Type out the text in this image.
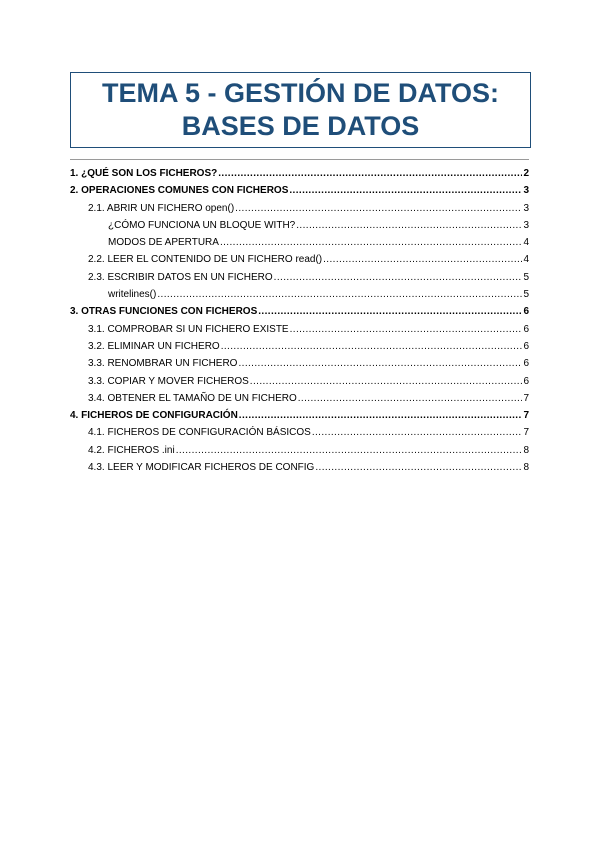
TEMA 5 - GESTIÓN DE DATOS:
BASES DE DATOS
1. ¿QUÉ SON LOS FICHEROS? .....	2
2. OPERACIONES COMUNES CON FICHEROS .....	3
2.1. ABRIR UN FICHERO open() .....	3
¿CÓMO FUNCIONA UN BLOQUE WITH? .....	3
MODOS DE APERTURA .....	4
2.2. LEER EL CONTENIDO DE UN FICHERO read() .....	4
2.3. ESCRIBIR DATOS EN UN FICHERO .....	5
writelines() .....	5
3. OTRAS FUNCIONES CON FICHEROS .....	6
3.1. COMPROBAR SI UN FICHERO EXISTE .....	6
3.2. ELIMINAR UN FICHERO .....	6
3.3. RENOMBRAR UN FICHERO .....	6
3.3. COPIAR Y MOVER FICHEROS .....	6
3.4. OBTENER EL TAMAÑO DE UN FICHERO .....	7
4. FICHEROS DE CONFIGURACIÓN .....	7
4.1. FICHEROS DE CONFIGURACIÓN BÁSICOS .....	7
4.2. FICHEROS .ini .....	8
4.3. LEER Y MODIFICAR FICHEROS DE CONFIG .....	8
